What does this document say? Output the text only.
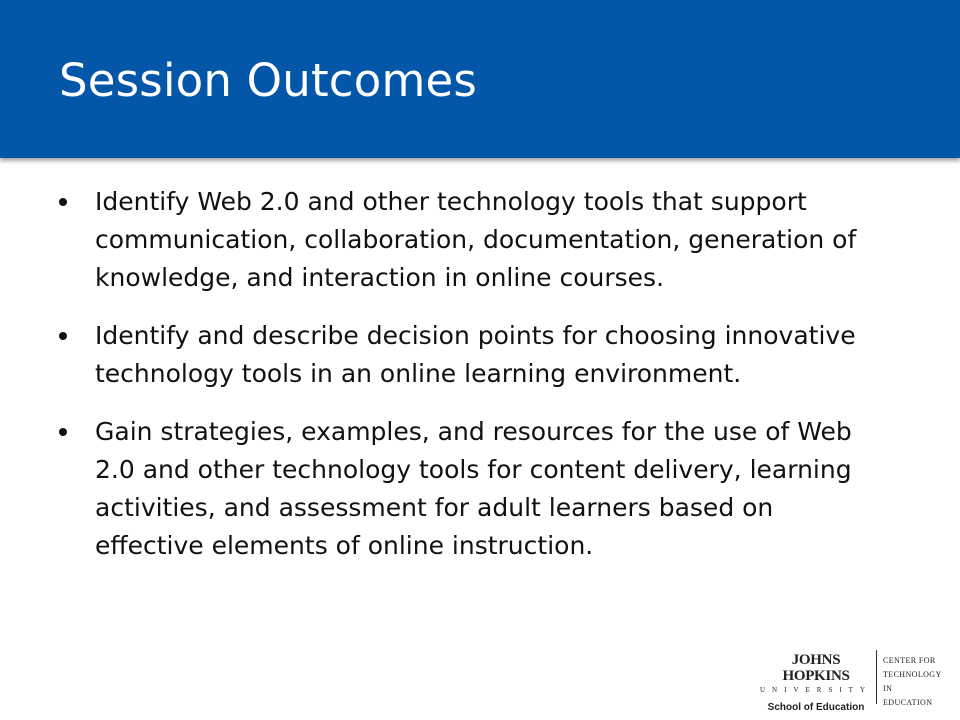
Session Outcomes
Identify Web 2.0 and other technology tools that support communication, collaboration, documentation, generation of knowledge, and interaction in online courses.
Identify and describe decision points for choosing innovative technology tools in an online learning environment.
Gain strategies, examples, and resources for the use of Web 2.0 and other technology tools for content delivery, learning activities, and assessment for adult learners based on effective elements of online instruction.
JOHNS HOPKINS
UNIVERSITY
School of Education
CENTER FOR
TECHNOLOGY IN
EDUCATION
